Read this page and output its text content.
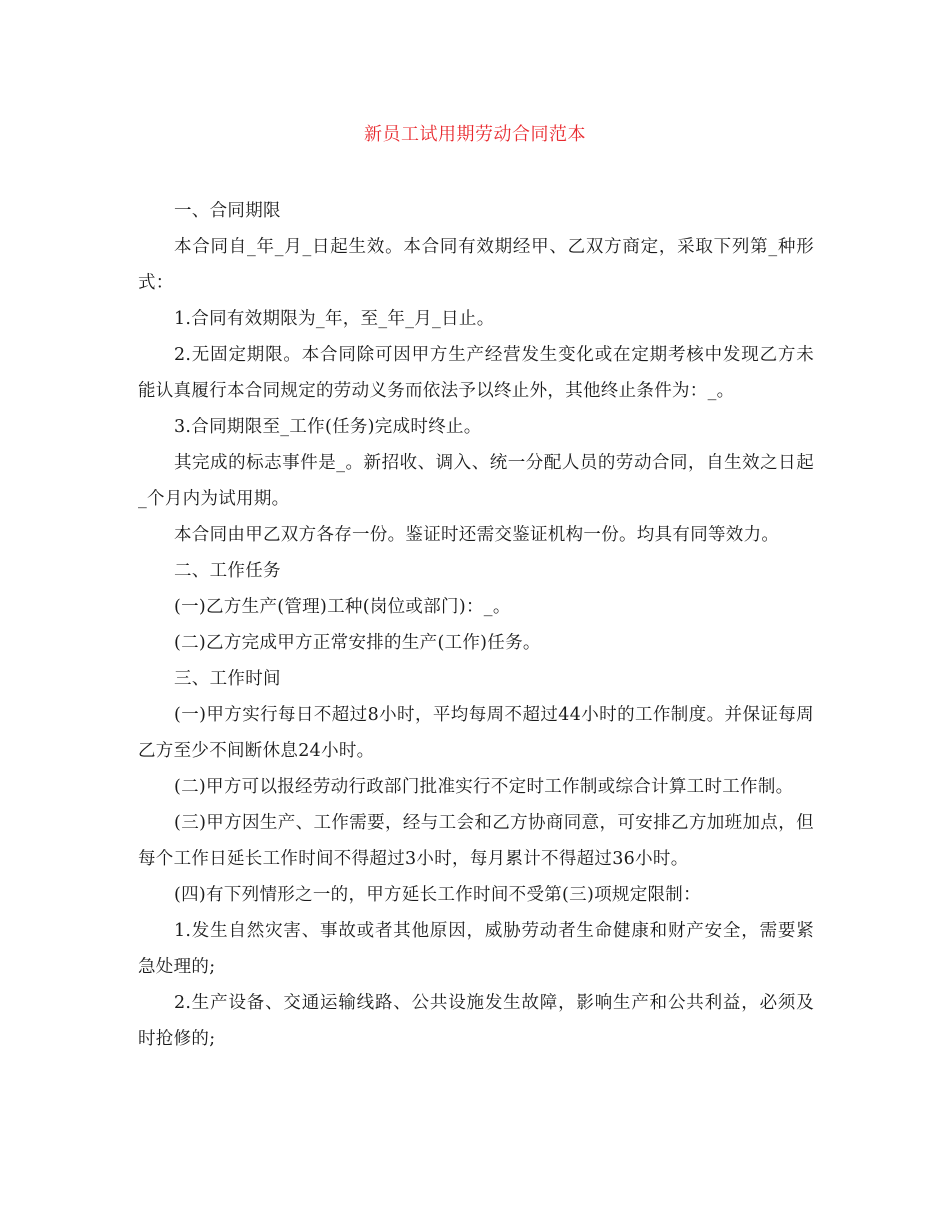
新员工试用期劳动合同范本

一、合同期限

本合同自_年_月_日起生效。本合同有效期经甲、乙双方商定，采取下列第_种形式：

1.合同有效期限为_年，至_年_月_日止。

2.无固定期限。本合同除可因甲方生产经营发生变化或在定期考核中发现乙方未能认真履行本合同规定的劳动义务而依法予以终止外，其他终止条件为：_。

3.合同期限至_工作(任务)完成时终止。

其完成的标志事件是_。新招收、调入、统一分配人员的劳动合同，自生效之日起_个月内为试用期。

本合同由甲乙双方各存一份。鉴证时还需交鉴证机构一份。均具有同等效力。

二、工作任务

(一)乙方生产(管理)工种(岗位或部门)：_。

(二)乙方完成甲方正常安排的生产(工作)任务。

三、工作时间

(一)甲方实行每日不超过8小时，平均每周不超过44小时的工作制度。并保证每周乙方至少不间断休息24小时。

(二)甲方可以报经劳动行政部门批准实行不定时工作制或综合计算工时工作制。

(三)甲方因生产、工作需要，经与工会和乙方协商同意，可安排乙方加班加点，但每个工作日延长工作时间不得超过3小时，每月累计不得超过36小时。

(四)有下列情形之一的，甲方延长工作时间不受第(三)项规定限制：

1.发生自然灾害、事故或者其他原因，威胁劳动者生命健康和财产安全，需要紧急处理的;

2.生产设备、交通运输线路、公共设施发生故障，影响生产和公共利益，必须及时抢修的;
